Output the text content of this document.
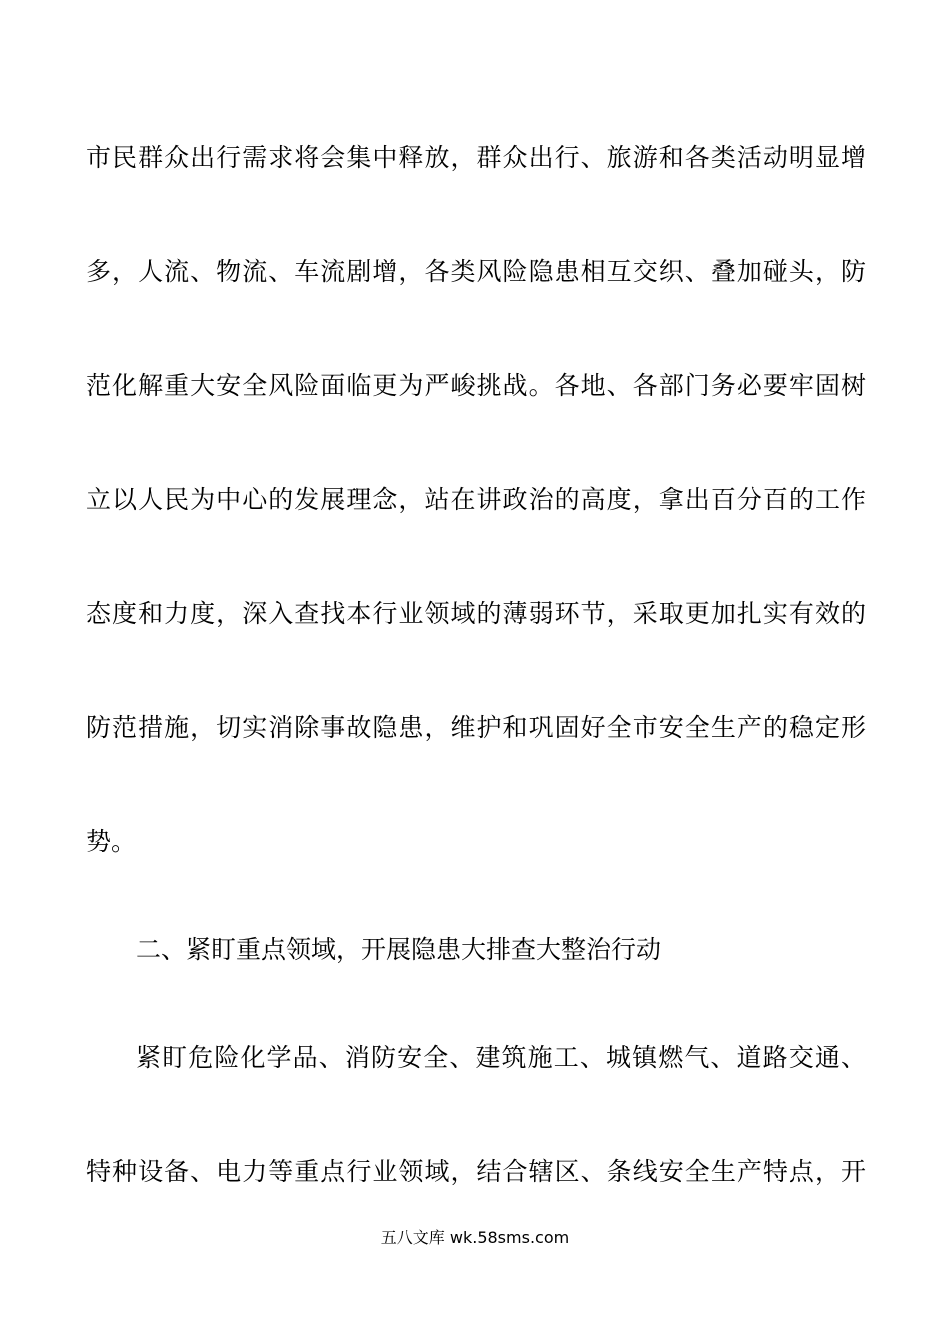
市民群众出行需求将会集中释放，群众出行、旅游和各类活动明显增
多，人流、物流、车流剧增，各类风险隐患相互交织、叠加碰头，防
范化解重大安全风险面临更为严峻挑战。各地、各部门务必要牢固树
立以人民为中心的发展理念，站在讲政治的高度，拿出百分百的工作
态度和力度，深入查找本行业领域的薄弱环节，采取更加扎实有效的
防范措施，切实消除事故隐患，维护和巩固好全市安全生产的稳定形
势。
二、紧盯重点领域，开展隐患大排查大整治行动
紧盯危险化学品、消防安全、建筑施工、城镇燃气、道路交通、
特种设备、电力等重点行业领域，结合辖区、条线安全生产特点，开
五八文库 wk.58sms.com
